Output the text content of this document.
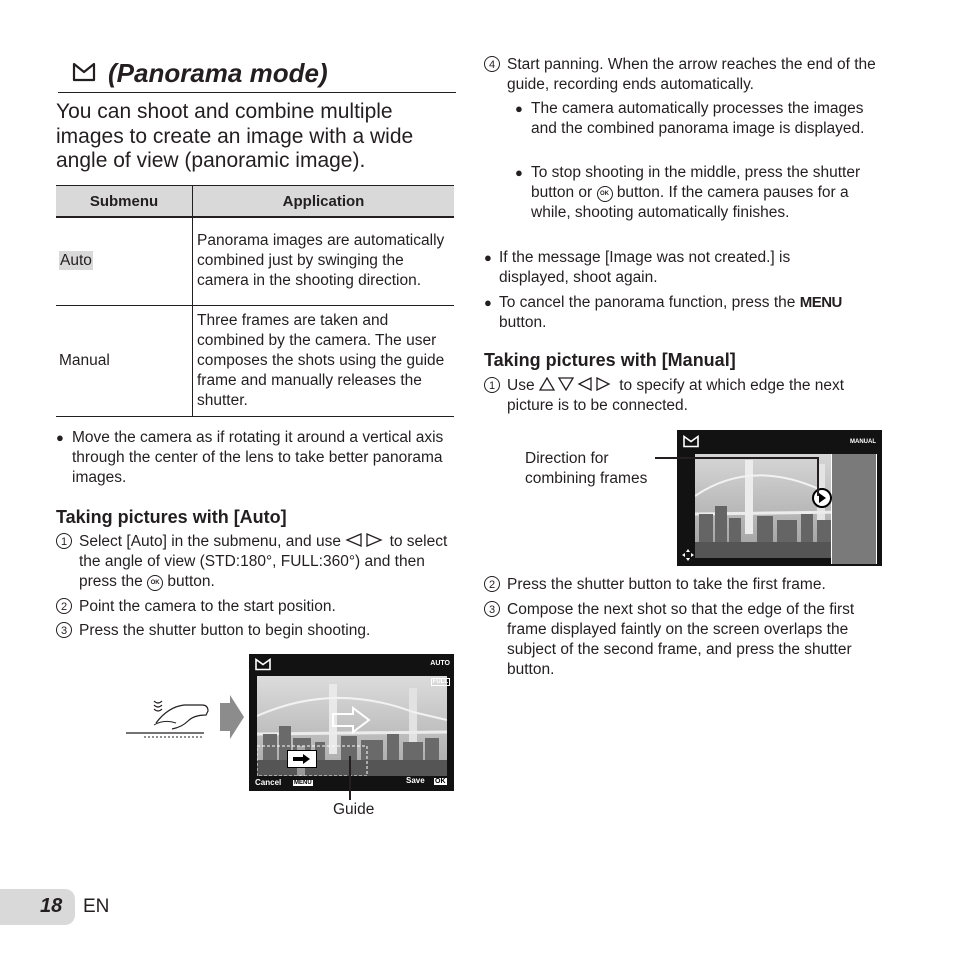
(Panorama mode)
You can shoot and combine multiple images to create an image with a wide angle of view (panoramic image).
Submenu	Application
Auto	Panorama images are automatically combined just by swinging the camera in the shooting direction.
Manual	Three frames are taken and combined by the camera. The user composes the shots using the guide frame and manually releases the shutter.
● Move the camera as if rotating it around a vertical axis through the center of the lens to take better panorama images.
Taking pictures with [Auto]
1 Select [Auto] in the submenu, and use	to select the angle of view (STD:180°, FULL:360°) and then press the OK button.
2 Point the camera to the start position.
3 Press the shutter button to begin shooting.
AUTO
FULL
Cancel MENU	Save OK
Guide
4 Start panning. When the arrow reaches the end of the guide, recording ends automatically.
● The camera automatically processes the images and the combined panorama image is displayed.
● To stop shooting in the middle, press the shutter button or OK button. If the camera pauses for a while, shooting automatically finishes.
● If the message [Image was not created.] is displayed, shoot again.
● To cancel the panorama function, press the MENU button.
Taking pictures with [Manual]
1 Use	to specify at which edge the next picture is to be connected.
Direction for combining frames
MANUAL
2 Press the shutter button to take the first frame.
3 Compose the next shot so that the edge of the first frame displayed faintly on the screen overlaps the subject of the second frame, and press the shutter button.
18 EN
